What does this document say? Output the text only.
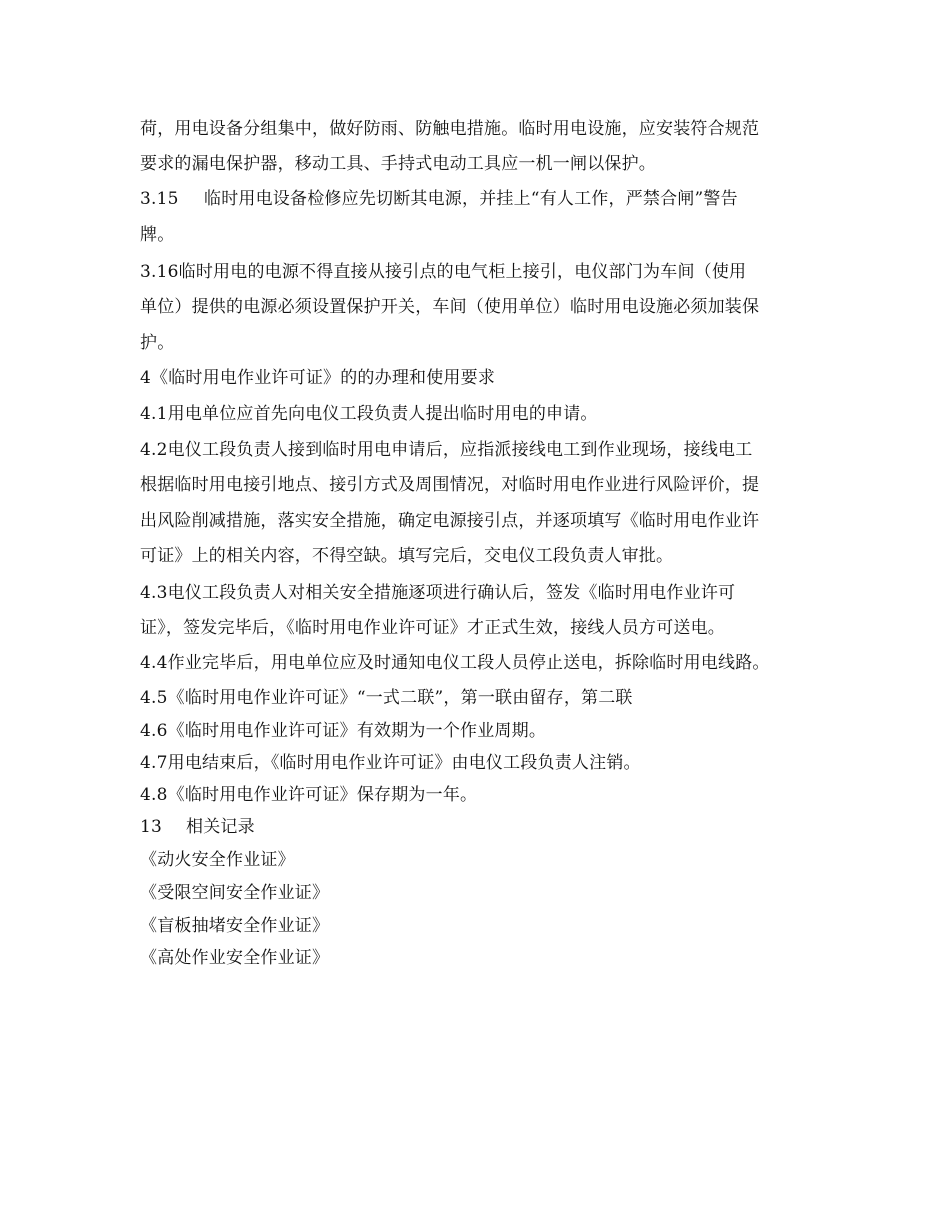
荷，用电设备分组集中，做好防雨、防触电措施。临时用电设施，应安装符合规范
要求的漏电保护器，移动工具、手持式电动工具应一机一闸以保护。
3.15 临时用电设备检修应先切断其电源，并挂上“有人工作，严禁合闸”警告
牌。
3.16临时用电的电源不得直接从接引点的电气柜上接引，电仪部门为车间（使用
单位）提供的电源必须设置保护开关，车间（使用单位）临时用电设施必须加装保
护。
4《临时用电作业许可证》的的办理和使用要求
4.1用电单位应首先向电仪工段负责人提出临时用电的申请。
4.2电仪工段负责人接到临时用电申请后，应指派接线电工到作业现场，接线电工
根据临时用电接引地点、接引方式及周围情况，对临时用电作业进行风险评价，提
出风险削减措施，落实安全措施，确定电源接引点，并逐项填写《临时用电作业许
可证》上的相关内容，不得空缺。填写完后，交电仪工段负责人审批。
4.3电仪工段负责人对相关安全措施逐项进行确认后，签发《临时用电作业许可
证》，签发完毕后，《临时用电作业许可证》才正式生效，接线人员方可送电。
4.4作业完毕后，用电单位应及时通知电仪工段人员停止送电，拆除临时用电线路。
4.5《临时用电作业许可证》“一式二联”，第一联由留存，第二联
4.6《临时用电作业许可证》有效期为一个作业周期。
4.7用电结束后，《临时用电作业许可证》由电仪工段负责人注销。
4.8《临时用电作业许可证》保存期为一年。
13 相关记录
《动火安全作业证》
《受限空间安全作业证》
《盲板抽堵安全作业证》
《高处作业安全作业证》
